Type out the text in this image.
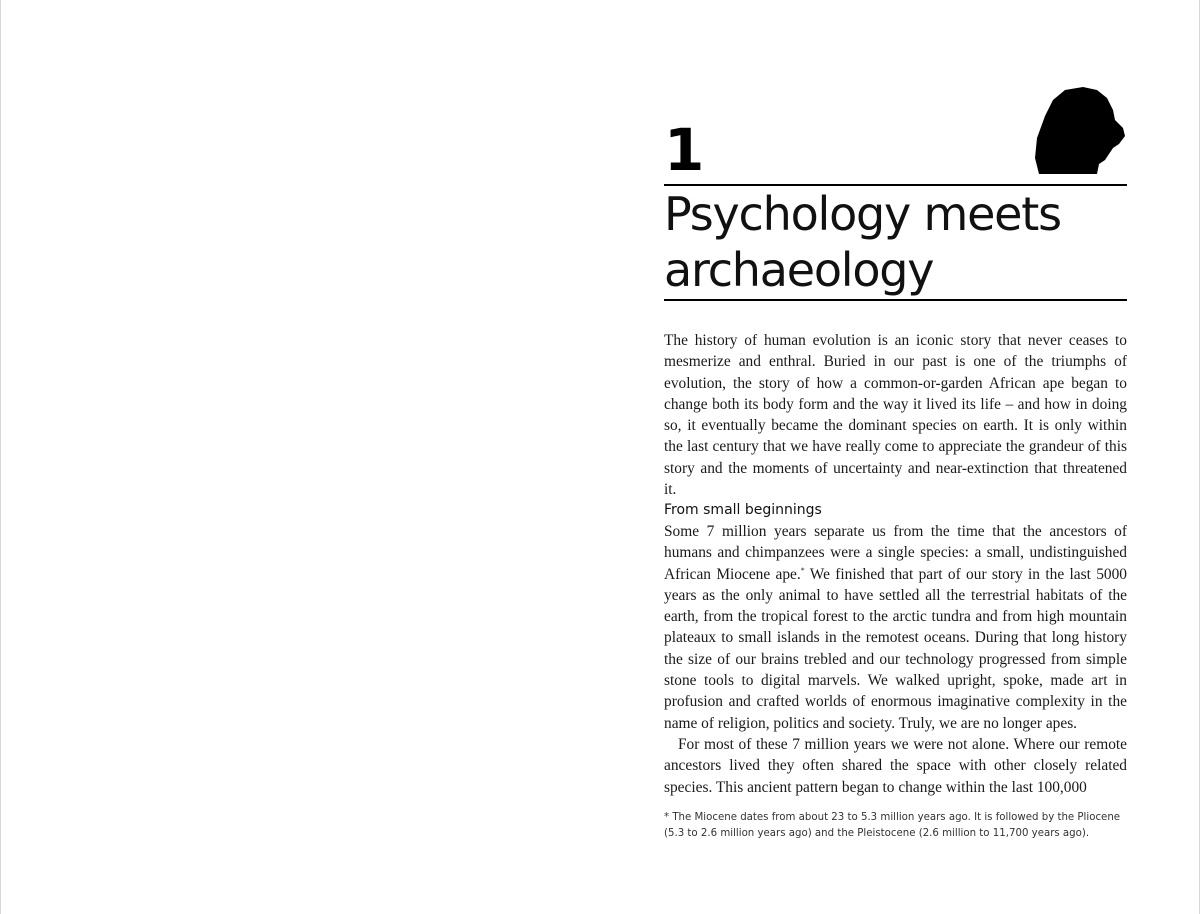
1
Psychology meets
archaeology

The history of human evolution is an iconic story that never ceases to mesmerize and enthral. Buried in our past is one of the triumphs of evolution, the story of how a common-or-garden African ape began to change both its body form and the way it lived its life – and how in doing so, it eventually became the dominant species on earth. It is only within the last century that we have really come to appreciate the grandeur of this story and the moments of uncertainty and near-extinction that threatened it.

From small beginnings

Some 7 million years separate us from the time that the ancestors of humans and chimpanzees were a single species: a small, undistinguished African Miocene ape.* We finished that part of our story in the last 5000 years as the only animal to have settled all the terrestrial habitats of the earth, from the tropical forest to the arctic tundra and from high mountain plateaux to small islands in the remotest oceans. During that long history the size of our brains trebled and our technology progressed from simple stone tools to digital marvels. We walked upright, spoke, made art in profusion and crafted worlds of enormous imaginative complexity in the name of religion, politics and society. Truly, we are no longer apes.

For most of these 7 million years we were not alone. Where our remote ancestors lived they often shared the space with other closely related species. This ancient pattern began to change within the last 100,000

* The Miocene dates from about 23 to 5.3 million years ago. It is followed by the Pliocene
(5.3 to 2.6 million years ago) and the Pleistocene (2.6 million to 11,700 years ago).
